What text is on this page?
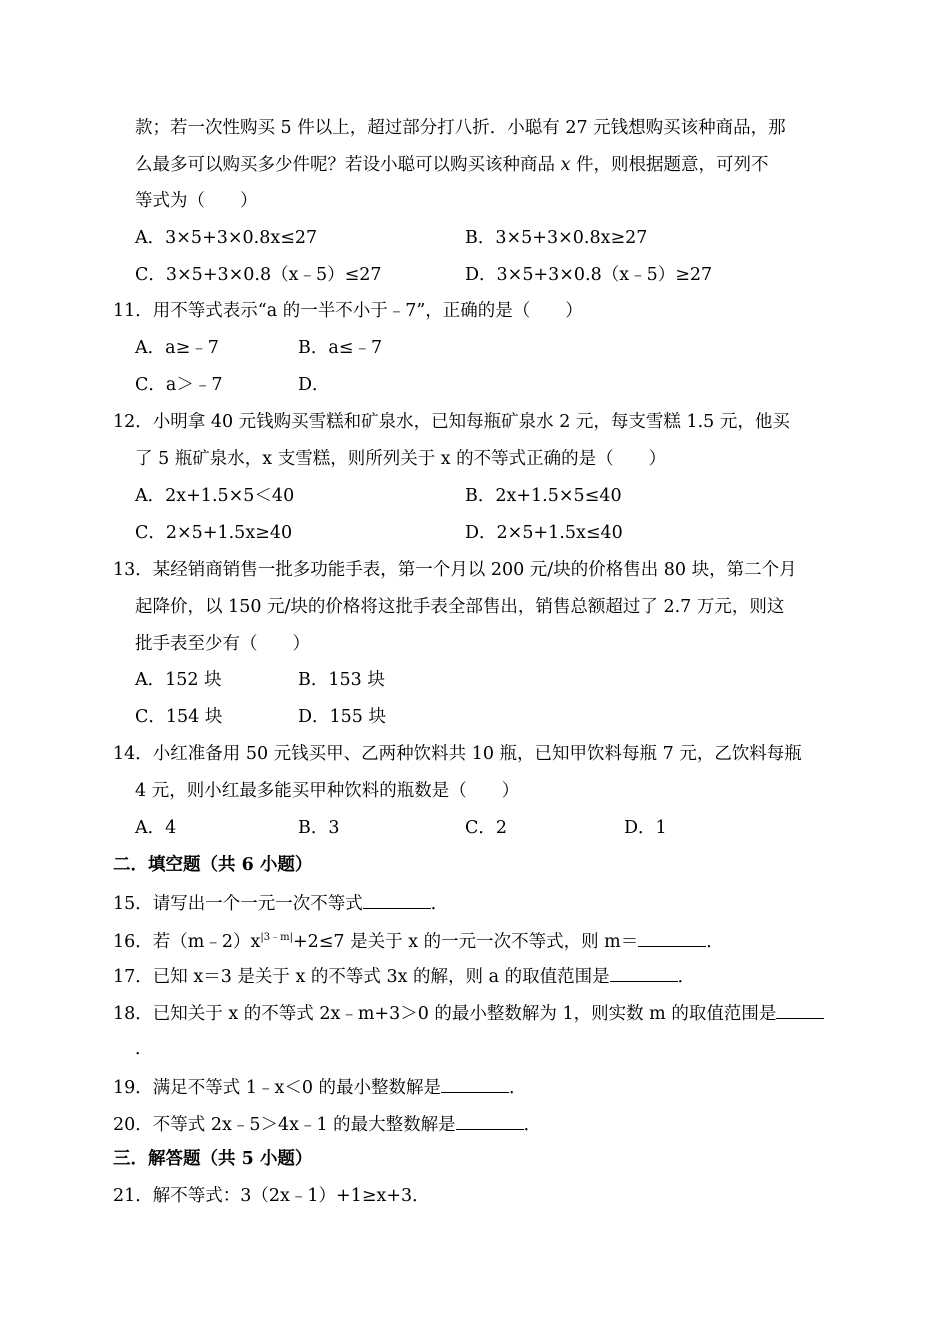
款；若一次性购买 5 件以上，超过部分打八折．小聪有 27 元钱想购买该种商品，那
么最多可以购买多少件呢？若设小聪可以购买该种商品 x 件，则根据题意，可列不
等式为（　　）
A．3×5+3×0.8x≤27	B．3×5+3×0.8x≥27
C．3×5+3×0.8（x﹣5）≤27	D．3×5+3×0.8（x﹣5）≥27
11．用不等式表示“a 的一半不小于﹣7”，正确的是（　　）
A．a≥﹣7	B．a≤﹣7
C．a＞﹣7	D．
12．小明拿 40 元钱购买雪糕和矿泉水，已知每瓶矿泉水 2 元，每支雪糕 1.5 元，他买
了 5 瓶矿泉水，x 支雪糕，则所列关于 x 的不等式正确的是（　　）
A．2x+1.5×5＜40	B．2x+1.5×5≤40
C．2×5+1.5x≥40	D．2×5+1.5x≤40
13．某经销商销售一批多功能手表，第一个月以 200 元/块的价格售出 80 块，第二个月
起降价，以 150 元/块的价格将这批手表全部售出，销售总额超过了 2.7 万元，则这
批手表至少有（　　）
A．152 块	B．153 块
C．154 块	D．155 块
14．小红准备用 50 元钱买甲、乙两种饮料共 10 瓶，已知甲饮料每瓶 7 元，乙饮料每瓶
4 元，则小红最多能买甲种饮料的瓶数是（　　）
A．4	B．3	C．2	D．1
二．填空题（共 6 小题）
15．请写出一个一元一次不等式	．
16．若$(m﹣2)x^{|3﹣m|}+2\le 7$ 是关于 x 的一元一次不等式，则 m＝	．
17．已知 x＝3 是关于 x 的不等式 3x 的解，则 a 的取值范围是	．
18．已知关于 x 的不等式 2x﹣m+3＞0 的最小整数解为 1，则实数 m 的取值范围是
．
19．满足不等式 1﹣x＜0 的最小整数解是	．
20．不等式 2x﹣5＞4x﹣1 的最大整数解是	．
三．解答题（共 5 小题）
21．解不等式：3（2x﹣1）+1≥x+3．
